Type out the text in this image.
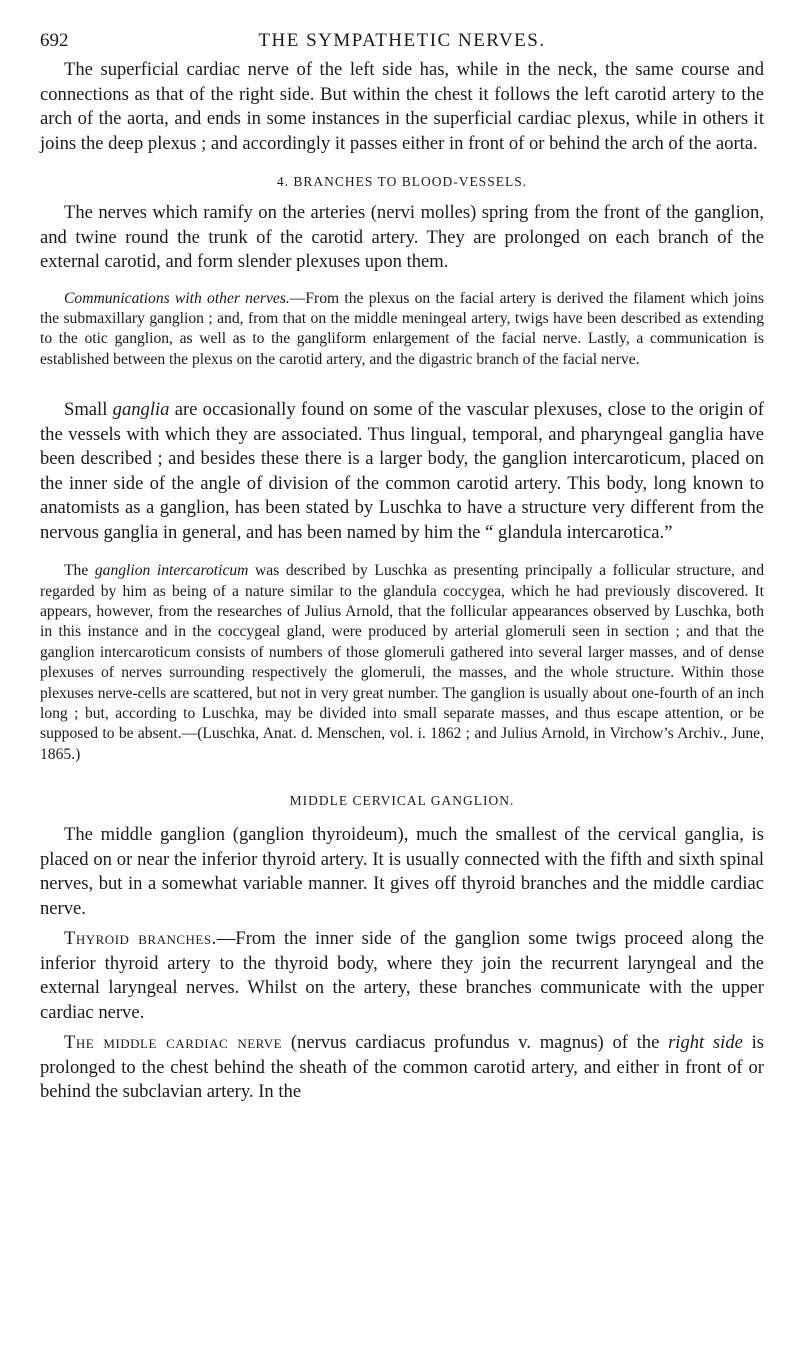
692	THE SYMPATHETIC NERVES.

The superficial cardiac nerve of the left side has, while in the neck, the same course and connections as that of the right side. But within the chest it follows the left carotid artery to the arch of the aorta, and ends in some instances in the superficial cardiac plexus, while in others it joins the deep plexus ; and accordingly it passes either in front of or behind the arch of the aorta.

4. BRANCHES TO BLOOD-VESSELS.

The nerves which ramify on the arteries (nervi molles) spring from the front of the ganglion, and twine round the trunk of the carotid artery. They are prolonged on each branch of the external carotid, and form slender plexuses upon them.

Communications with other nerves.—From the plexus on the facial artery is derived the filament which joins the submaxillary ganglion ; and, from that on the middle meningeal artery, twigs have been described as extending to the otic ganglion, as well as to the gangliform enlargement of the facial nerve. Lastly, a communication is established between the plexus on the carotid artery, and the digastric branch of the facial nerve.

Small ganglia are occasionally found on some of the vascular plexuses, close to the origin of the vessels with which they are associated. Thus lingual, temporal, and pharyngeal ganglia have been described ; and besides these there is a larger body, the ganglion intercaroticum, placed on the inner side of the angle of division of the common carotid artery. This body, long known to anatomists as a ganglion, has been stated by Luschka to have a structure very different from the nervous ganglia in general, and has been named by him the “ glandula intercarotica.”

The ganglion intercaroticum was described by Luschka as presenting principally a follicular structure, and regarded by him as being of a nature similar to the glandula coccygea, which he had previously discovered. It appears, however, from the researches of Julius Arnold, that the follicular appearances observed by Luschka, both in this instance and in the coccygeal gland, were produced by arterial glomeruli seen in section ; and that the ganglion intercaroticum consists of numbers of those glomeruli gathered into several larger masses, and of dense plexuses of nerves surrounding respectively the glomeruli, the masses, and the whole structure. Within those plexuses nerve-cells are scattered, but not in very great number. The ganglion is usually about one-fourth of an inch long ; but, according to Luschka, may be divided into small separate masses, and thus escape attention, or be supposed to be absent.—(Luschka, Anat. d. Menschen, vol. i. 1862 ; and Julius Arnold, in Virchow’s Archiv., June, 1865.)

MIDDLE CERVICAL GANGLION.

The middle ganglion (ganglion thyroideum), much the smallest of the cervical ganglia, is placed on or near the inferior thyroid artery. It is usually connected with the fifth and sixth spinal nerves, but in a somewhat variable manner. It gives off thyroid branches and the middle cardiac nerve.

Thyroid branches.—From the inner side of the ganglion some twigs proceed along the inferior thyroid artery to the thyroid body, where they join the recurrent laryngeal and the external laryngeal nerves. Whilst on the artery, these branches communicate with the upper cardiac nerve.

The middle cardiac nerve (nervus cardiacus profundus v. magnus) of the right side is prolonged to the chest behind the sheath of the common carotid artery, and either in front of or behind the subclavian artery. In the
